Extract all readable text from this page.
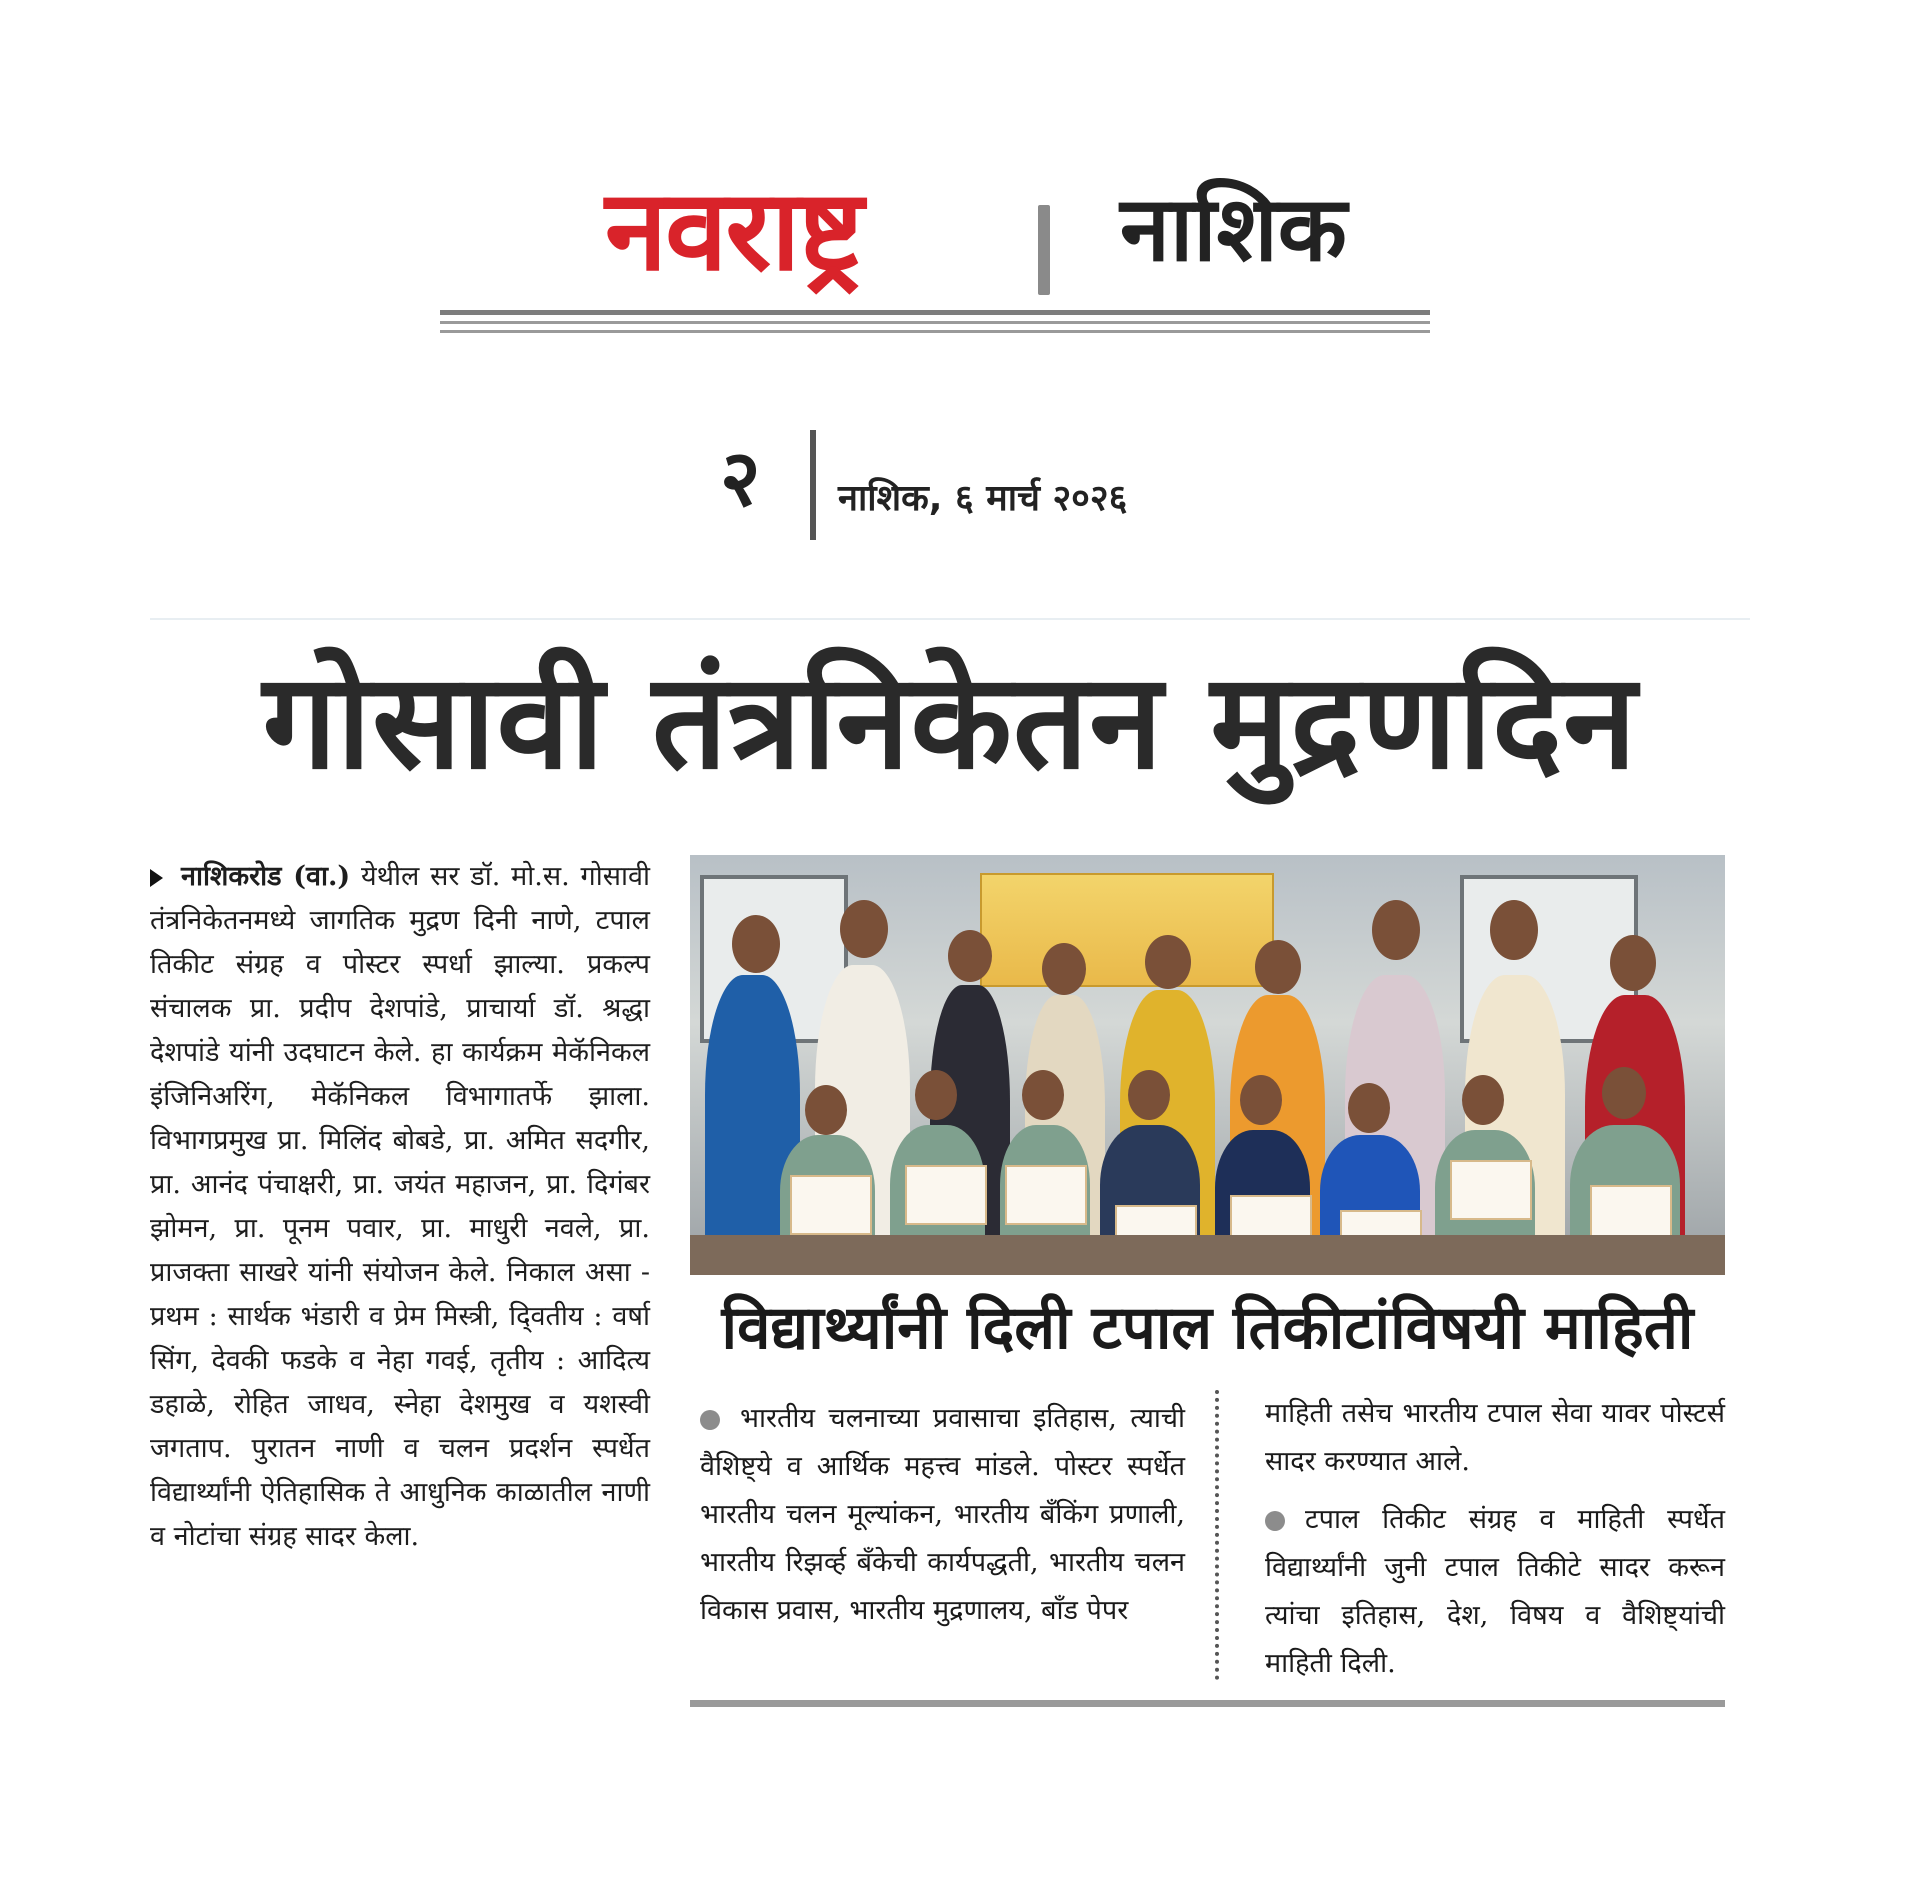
नवराष्ट्र	नाशिक
२ नाशिक, ६ मार्च २०२६
गोसावी तंत्रनिकेतन मुद्रणदिन
नाशिकरोड (वा.) येथील सर डॉ. मो.स. गोसावी तंत्रनिकेतनमध्ये जागतिक मुद्रण दिनी नाणे, टपाल तिकीट संग्रह व पोस्टर स्पर्धा झाल्या. प्रकल्प संचालक प्रा. प्रदीप देशपांडे, प्राचार्या डॉ. श्रद्धा देशपांडे यांनी उदघाटन केले. हा कार्यक्रम मेकॅनिकल इंजिनिअरिंग, मेकॅनिकल विभागातर्फे झाला. विभागप्रमुख प्रा. मिलिंद बोबडे, प्रा. अमित सदगीर, प्रा. आनंद पंचाक्षरी, प्रा. जयंत महाजन, प्रा. दिगंबर झोमन, प्रा. पूनम पवार, प्रा. माधुरी नवले, प्रा. प्राजक्ता साखरे यांनी संयोजन केले. निकाल असा - प्रथम : सार्थक भंडारी व प्रेम मिस्त्री, दि्वतीय : वर्षा सिंग, देवकी फडके व नेहा गवई, तृतीय : आदित्य डहाळे, रोहित जाधव, स्नेहा देशमुख व यशस्वी जगताप. पुरातन नाणी व चलन प्रदर्शन स्पर्धेत विद्यार्थ्यांनी ऐतिहासिक ते आधुनिक काळातील नाणी व नोटांचा संग्रह सादर केला.
विद्यार्थ्यांनी दिली टपाल तिकीटांविषयी माहिती
भारतीय चलनाच्या प्रवासाचा इतिहास, त्याची वैशिष्ट्ये व आर्थिक महत्त्व मांडले. पोस्टर स्पर्धेत भारतीय चलन मूल्यांकन, भारतीय बँकिंग प्रणाली, भारतीय रिझर्व्ह बँकेची कार्यपद्धती, भारतीय चलन विकास प्रवास, भारतीय मुद्रणालय, बाँड पेपर
माहिती तसेच भारतीय टपाल सेवा यावर पोस्टर्स सादर करण्यात आले.
टपाल तिकीट संग्रह व माहिती स्पर्धेत विद्यार्थ्यांनी जुनी टपाल तिकीटे सादर करून त्यांचा इतिहास, देश, विषय व वैशिष्ट्यांची माहिती दिली.
